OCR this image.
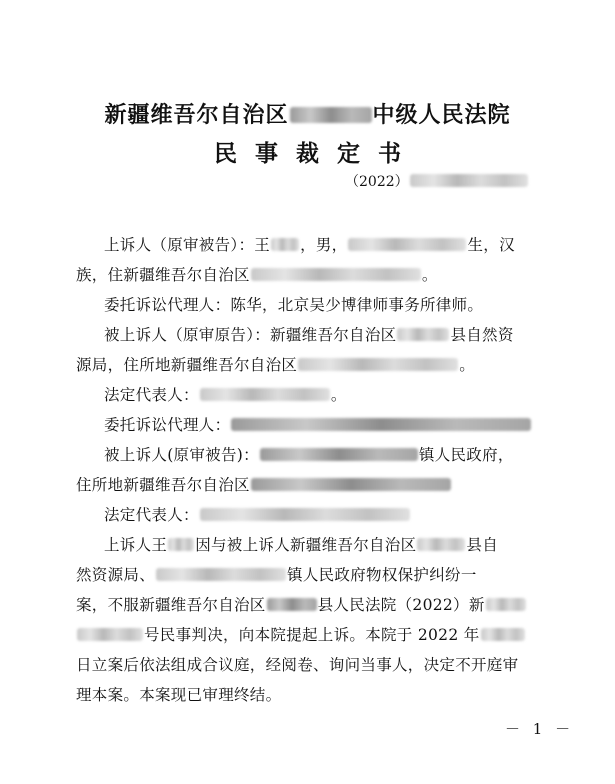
新疆维吾尔自治区	中级人民法院
民事裁定书
（2022）
上诉人（原审被告）：王 ，男，	生，汉
族，住新疆维吾尔自治区	。
委托诉讼代理人：陈华，北京吴少博律师事务所律师。
被上诉人（原审原告）：新疆维吾尔自治区	县自然资
源局，住所地新疆维吾尔自治区	。
法定代表人：	。
委托诉讼代理人：
被上诉人(原审被告)：	镇人民政府，
住所地新疆维吾尔自治区
法定代表人：
上诉人王 因与被上诉人新疆维吾尔自治区	县自
然资源局、	镇人民政府物权保护纠纷一
案，不服新疆维吾尔自治区	县人民法院（2022）新
号民事判决，向本院提起上诉。本院于 2022 年
日立案后依法组成合议庭，经阅卷、询问当事人，决定不开庭审
理本案。本案现已审理终结。
－ 1 －
